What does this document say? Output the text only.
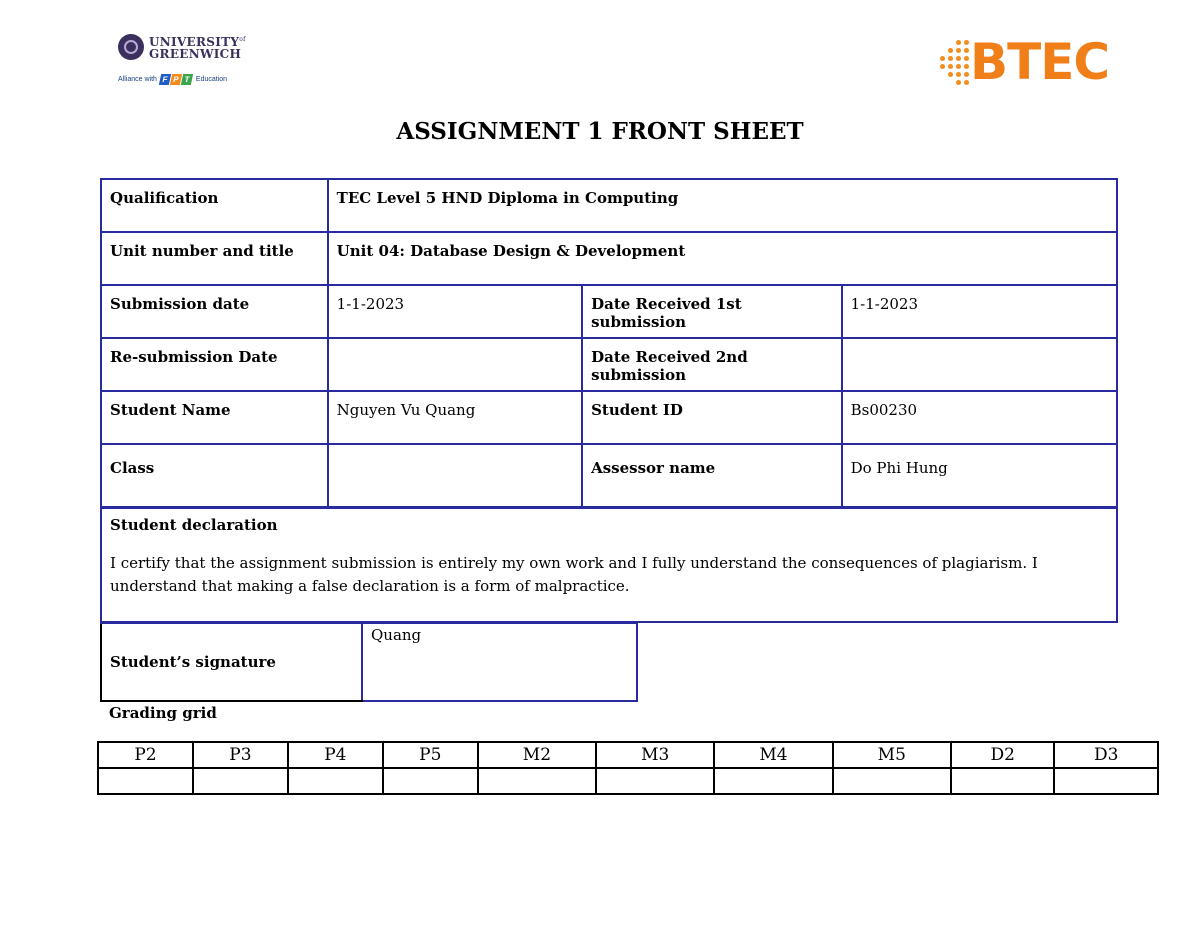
$UNIVERSITY^{of}$
GREENWICH
Alliance with F P T Education	BTEC
ASSIGNMENT 1 FRONT SHEET
Qualification	TEC Level 5 HND Diploma in Computing		

Unit number and title	Unit 04: Database Design & Development		

Submission date	1-1-2023	Date Received 1st submission	1-1-2023

Re-submission Date		Date Received 2nd submission	

Student Name	Nguyen Vu Quang	Student ID	Bs00230

Class		Assessor name	Do Phi Hung
Student declaration
I certify that the assignment submission is entirely my own work and I fully understand the consequences of plagiarism. I understand that making a false declaration is a form of malpractice.
Student’s signature	Quang
Grading grid
P2	P3	P4	P5	M2	M3	M4	M5	D2	D3
